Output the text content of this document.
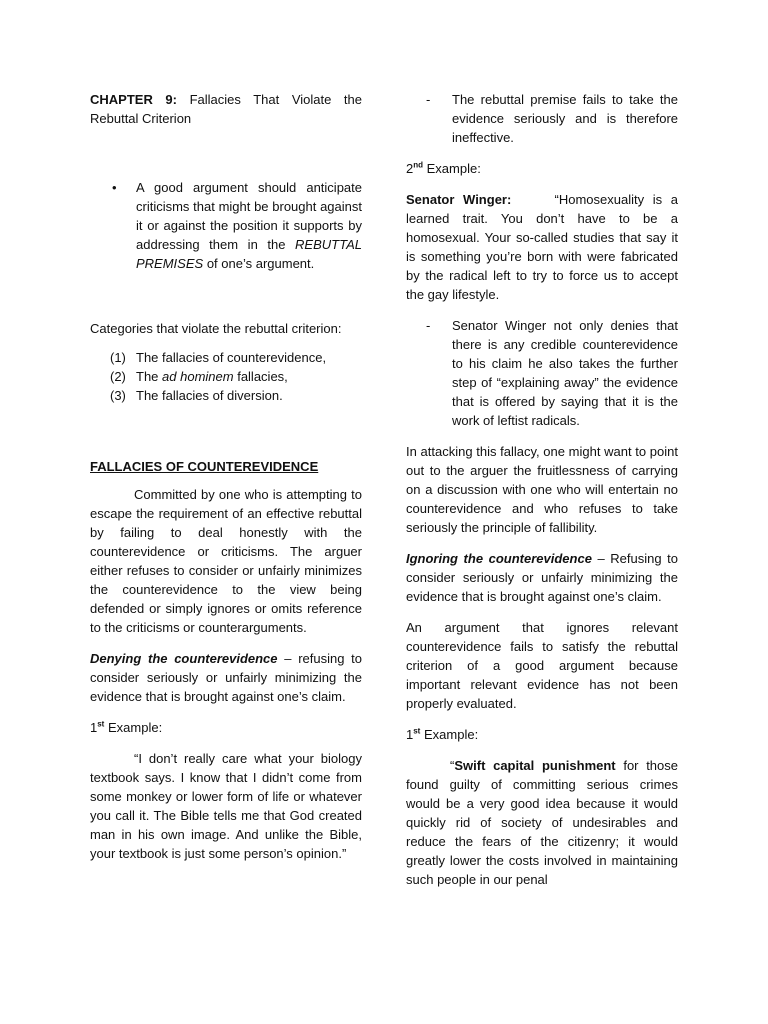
CHAPTER 9: Fallacies That Violate the Rebuttal Criterion

• A good argument should anticipate criticisms that might be brought against it or against the position it supports by addressing them in the REBUTTAL PREMISES of one’s argument.

Categories that violate the rebuttal criterion:

(1) The fallacies of counterevidence,
(2) The ad hominem fallacies,
(3) The fallacies of diversion.
FALLACIES OF COUNTEREVIDENCE

Committed by one who is attempting to escape the requirement of an effective rebuttal by failing to deal honestly with the counterevidence or criticisms. The arguer either refuses to consider or unfairly minimizes the counterevidence to the view being defended or simply ignores or omits reference to the criticisms or counterarguments.

Denying the counterevidence – refusing to consider seriously or unfairly minimizing the evidence that is brought against one’s claim.

1st Example:

“I don’t really care what your biology textbook says. I know that I didn’t come from some monkey or lower form of life or whatever you call it. The Bible tells me that God created man in his own image. And unlike the Bible, your textbook is just some person’s opinion.”

- The rebuttal premise fails to take the evidence seriously and is therefore ineffective.

2nd Example:

Senator Winger:	“Homosexuality is a learned trait. You don’t have to be a homosexual. Your so-called studies that say it is something you’re born with were fabricated by the radical left to try to force us to accept the gay lifestyle.

- Senator Winger not only denies that there is any credible counterevidence to his claim he also takes the further step of “explaining away” the evidence that is offered by saying that it is the work of leftist radicals.

In attacking this fallacy, one might want to point out to the arguer the fruitlessness of carrying on a discussion with one who will entertain no counterevidence and who refuses to take seriously the principle of fallibility.

Ignoring the counterevidence – Refusing to consider seriously or unfairly minimizing the evidence that is brought against one’s claim.

An argument that ignores relevant counterevidence fails to satisfy the rebuttal criterion of a good argument because important relevant evidence has not been properly evaluated.

1st Example:

“Swift capital punishment for those found guilty of committing serious crimes would be a very good idea because it would quickly rid of society of undesirables and reduce the fears of the citizenry; it would greatly lower the costs involved in maintaining such people in our penal
